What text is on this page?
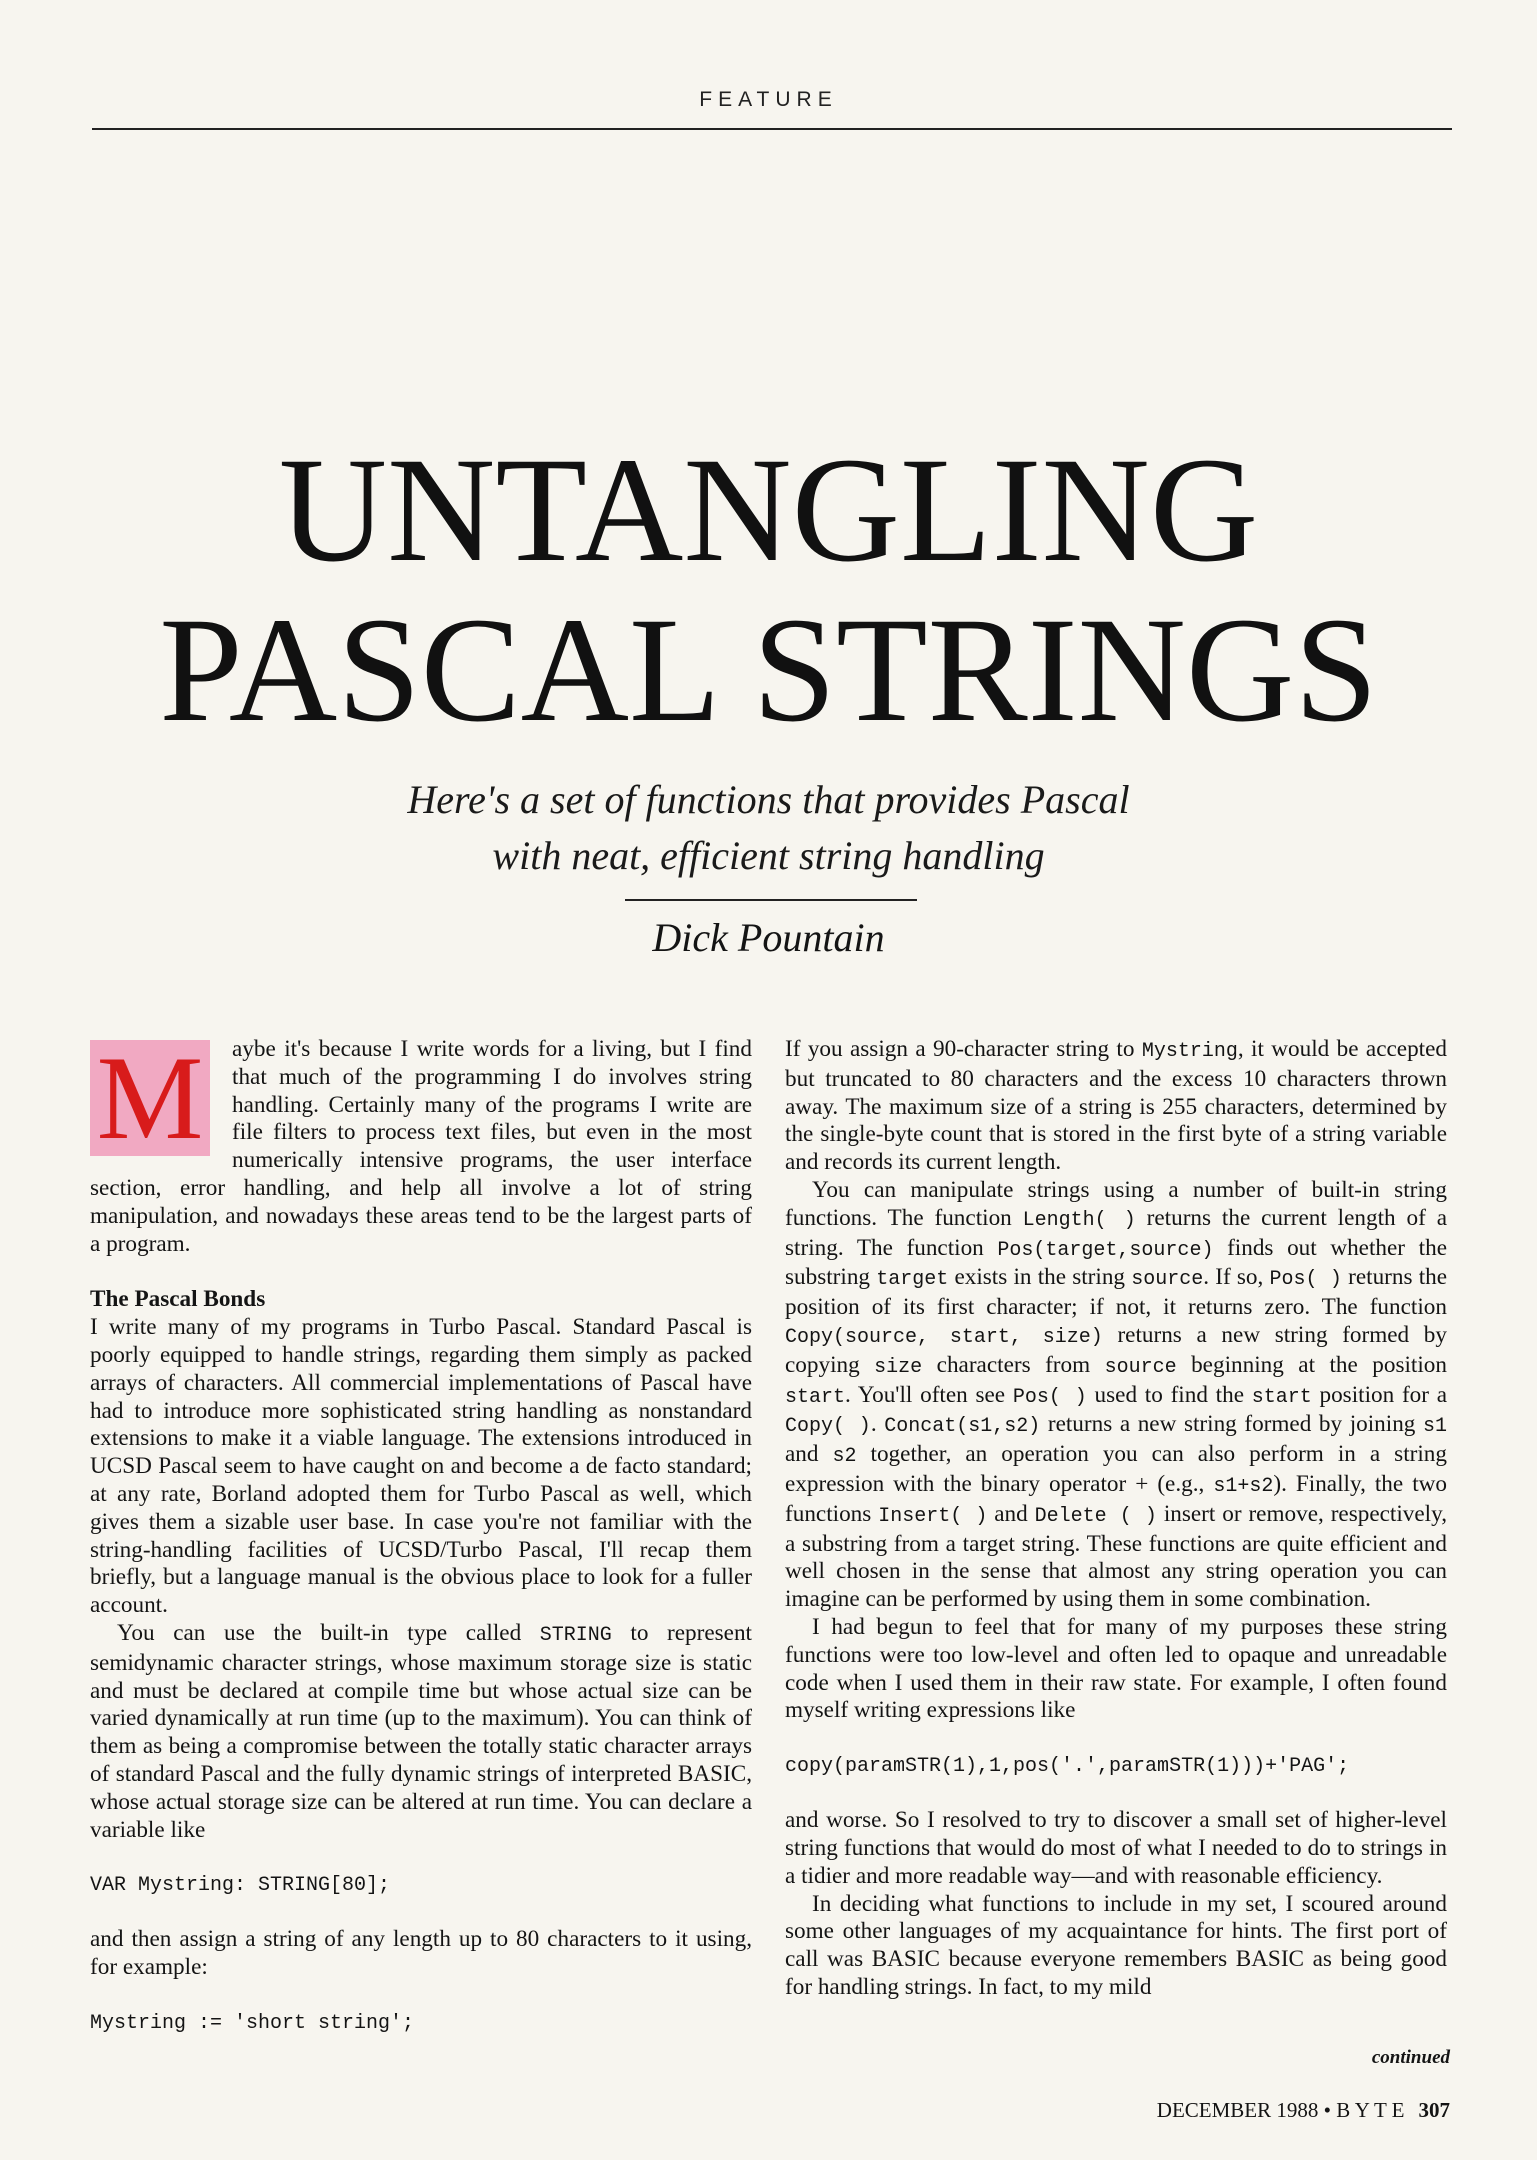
FEATURE
UNTANGLING
PASCAL STRINGS
Here's a set of functions that provides Pascal
with neat, efficient string handling
Dick Pountain
M	aybe it's because I write words for a living, but I find that much of the programming I do involves string handling. Certainly many of the programs I write are file filters to process text files, but even in the most numerically intensive programs, the user interface section, error handling, and help all involve a lot of string manipulation, and nowadays these areas tend to be the largest parts of a program.

The Pascal Bonds

I write many of my programs in Turbo Pascal. Standard Pascal is poorly equipped to handle strings, regarding them simply as packed arrays of characters. All commercial implementations of Pascal have had to introduce more sophisticated string handling as nonstandard extensions to make it a viable language. The extensions introduced in UCSD Pascal seem to have caught on and become a de facto standard; at any rate, Borland adopted them for Turbo Pascal as well, which gives them a sizable user base. In case you're not familiar with the string-handling facilities of UCSD/Turbo Pascal, I'll recap them briefly, but a language manual is the obvious place to look for a fuller account.

You can use the built-in type called STRING to represent semidynamic character strings, whose maximum storage size is static and must be declared at compile time but whose actual size can be varied dynamically at run time (up to the maximum). You can think of them as being a compromise between the totally static character arrays of standard Pascal and the fully dynamic strings of interpreted BASIC, whose actual storage size can be altered at run time. You can declare a variable like

VAR Mystring: STRING[80];

and then assign a string of any length up to 80 characters to it using, for example:

Mystring := 'short string';

If you assign a 90-character string to Mystring, it would be accepted but truncated to 80 characters and the excess 10 characters thrown away. The maximum size of a string is 255 characters, determined by the single-byte count that is stored in the first byte of a string variable and records its current length.

You can manipulate strings using a number of built-in string functions. The function Length( ) returns the current length of a string. The function Pos(target,source) finds out whether the substring target exists in the string source. If so, Pos( ) returns the position of its first character; if not, it returns zero. The function Copy(source, start, size) returns a new string formed by copying size characters from source beginning at the position start. You'll often see Pos( ) used to find the start position for a Copy( ). Concat(s1,s2) returns a new string formed by joining s1 and s2 together, an operation you can also perform in a string expression with the binary operator + (e.g., s1+s2). Finally, the two functions Insert( ) and Delete ( ) insert or remove, respectively, a substring from a target string. These functions are quite efficient and well chosen in the sense that almost any string operation you can imagine can be performed by using them in some combination.

I had begun to feel that for many of my purposes these string functions were too low-level and often led to opaque and unreadable code when I used them in their raw state. For example, I often found myself writing expressions like

copy(paramSTR(1),1,pos('.',paramSTR(1)))+'PAG';

and worse. So I resolved to try to discover a small set of higher-level string functions that would do most of what I needed to do to strings in a tidier and more readable way—and with reasonable efficiency.

In deciding what functions to include in my set, I scoured around some other languages of my acquaintance for hints. The first port of call was BASIC because everyone remembers BASIC as being good for handling strings. In fact, to my mild

continued
DECEMBER 1988 • B Y T E 307
